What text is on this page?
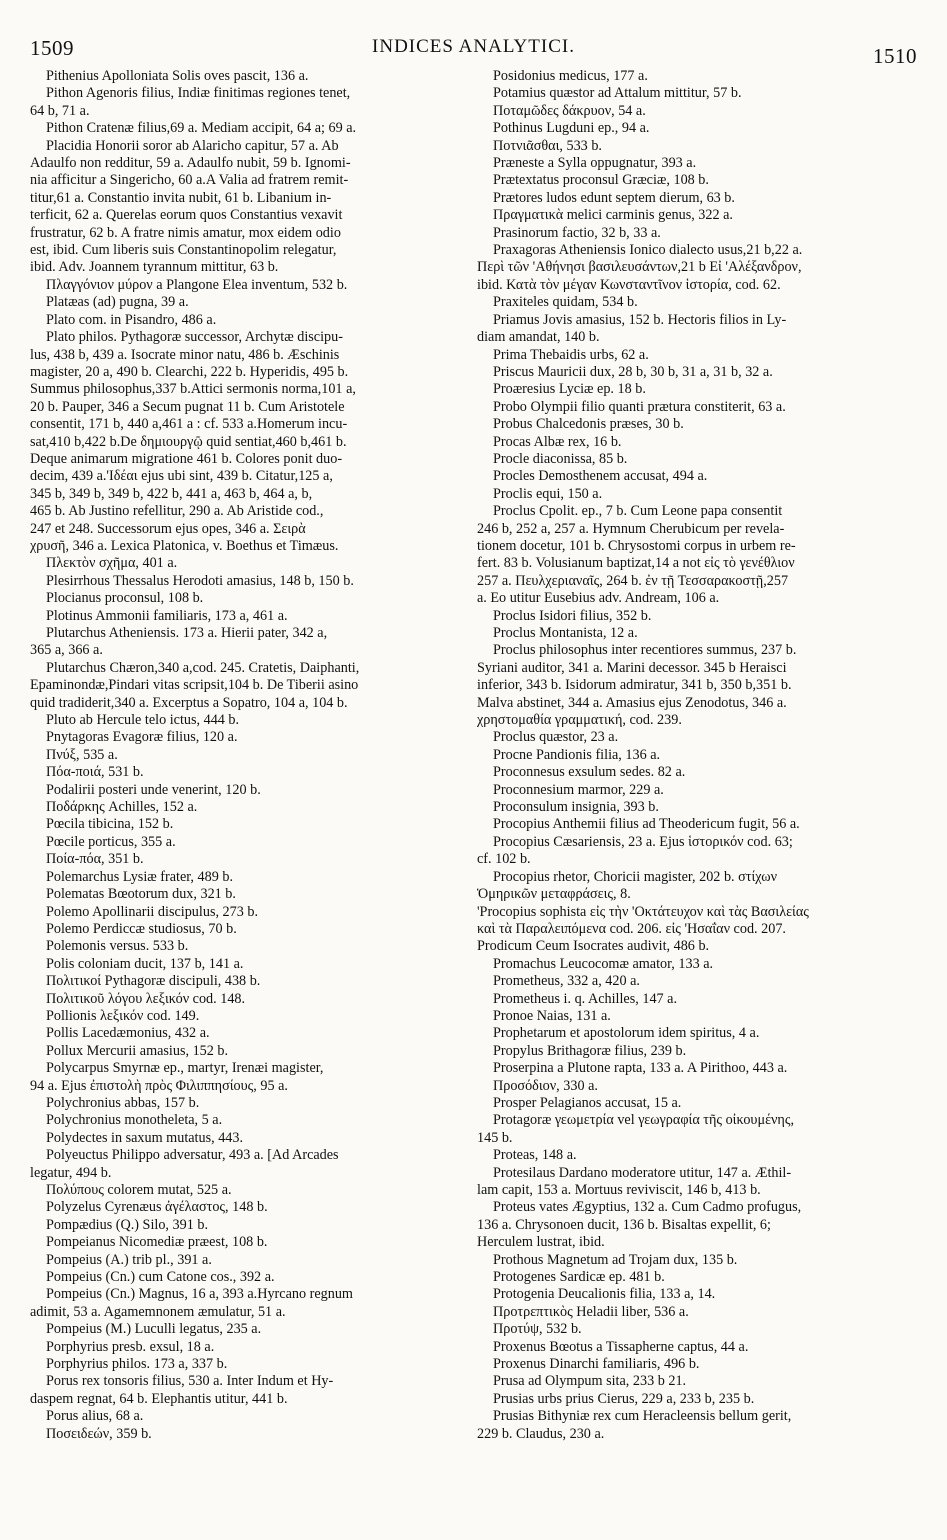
1509	INDICES ANALYTICI.	1510
Pithenius Apolloniata Solis oves pascit, 136 a.
Pithon Agenoris filius, Indiæ finitimas regiones tenet,
64 b, 71 a.
Pithon Cratenæ filius,69 a. Mediam accipit, 64 a; 69 a.
Placidia Honorii soror ab Alaricho capitur, 57 a. Ab
Adaulfo non redditur, 59 a. Adaulfo nubit, 59 b. Ignomi-
nia afficitur a Singericho, 60 a.A Valia ad fratrem remit-
titur,61 a. Constantio invita nubit, 61 b. Libanium in-
terficit, 62 a. Querelas eorum quos Constantius vexavit
frustratur, 62 b. A fratre nimis amatur, mox eidem odio
est, ibid. Cum liberis suis Constantinopolim relegatur,
ibid. Adv. Joannem tyrannum mittitur, 63 b.
Πλαγγόνιον μύρον a Plangone Elea inventum, 532 b.
Platæas (ad) pugna, 39 a.
Plato com. in Pisandro, 486 a.
Plato philos. Pythagoræ successor, Archytæ discipu-
lus, 438 b, 439 a. Isocrate minor natu, 486 b. Æschinis
magister, 20 a, 490 b. Clearchi, 222 b. Hyperidis, 495 b.
Summus philosophus,337 b.Attici sermonis norma,101 a,
20 b. Pauper, 346 a Secum pugnat 11 b. Cum Aristotele
consentit, 171 b, 440 a,461 a : cf. 533 a.Homerum incu-
sat,410 b,422 b.De δημιουργῷ quid sentiat,460 b,461 b.
Deque animarum migratione 461 b. Colores ponit duo-
decim, 439 a.'Ιδέαι ejus ubi sint, 439 b. Citatur,125 a,
345 b, 349 b, 349 b, 422 b, 441 a, 463 b, 464 a, b,
465 b. Ab Justino refellitur, 290 a. Ab Aristide cod.,
247 et 248. Successorum ejus opes, 346 a. Σειρὰ
χρυσῆ, 346 a. Lexica Platonica, v. Boethus et Timæus.
Πλεκτὸν σχῆμα, 401 a.
Plesirrhous Thessalus Herodoti amasius, 148 b, 150 b.
Plocianus proconsul, 108 b.
Plotinus Ammonii familiaris, 173 a, 461 a.
Plutarchus Atheniensis. 173 a. Hierii pater, 342 a,
365 a, 366 a.
Plutarchus Chæron,340 a,cod. 245. Cratetis, Daiphanti,
Epaminondæ,Pindari vitas scripsit,104 b. De Tiberii asino
quid tradiderit,340 a. Excerptus a Sopatro, 104 a, 104 b.
Pluto ab Hercule telo ictus, 444 b.
Pnytagoras Evagoræ filius, 120 a.
Πνύξ, 535 a.
Πόα-ποιά, 531 b.
Podalirii posteri unde venerint, 120 b.
Ποδάρκης Achilles, 152 a.
Pœcila tibicina, 152 b.
Pœcile porticus, 355 a.
Ποία-πόα, 351 b.
Polemarchus Lysiæ frater, 489 b.
Polematas Bœotorum dux, 321 b.
Polemo Apollinarii discipulus, 273 b.
Polemo Perdiccæ studiosus, 70 b.
Polemonis versus. 533 b.
Polis coloniam ducit, 137 b, 141 a.
Πολιτικοί Pythagoræ discipuli, 438 b.
Πολιτικοῦ λόγου λεξικόν cod. 148.
Pollionis λεξικόν cod. 149.
Pollis Lacedæmonius, 432 a.
Pollux Mercurii amasius, 152 b.
Polycarpus Smyrnæ ep., martyr, Irenæi magister,
94 a. Ejus ἐπιστολὴ πρὸς Φιλιππησίους, 95 a.
Polychronius abbas, 157 b.
Polychronius monotheleta, 5 a.
Polydectes in saxum mutatus, 443.
Polyeuctus Philippo adversatur, 493 a. [Ad Arcades
legatur, 494 b.
Πολύπους colorem mutat, 525 a.
Polyzelus Cyrenæus ἀγέλαστος, 148 b.
Pompædius (Q.) Silo, 391 b.
Pompeianus Nicomediæ præest, 108 b.
Pompeius (A.) trib pl., 391 a.
Pompeius (Cn.) cum Catone cos., 392 a.
Pompeius (Cn.) Magnus, 16 a, 393 a.Hyrcano regnum
adimit, 53 a. Agamemnonem æmulatur, 51 a.
Pompeius (M.) Luculli legatus, 235 a.
Porphyrius presb. exsul, 18 a.
Porphyrius philos. 173 a, 337 b.
Porus rex tonsoris filius, 530 a. Inter Indum et Hy-
daspem regnat, 64 b. Elephantis utitur, 441 b.
Porus alius, 68 a.
Ποσειδεών, 359 b.
Posidonius medicus, 177 a.
Potamius quæstor ad Attalum mittitur, 57 b.
Ποταμῶδες δάκρυον, 54 a.
Pothinus Lugduni ep., 94 a.
Ποτνιᾶσθαι, 533 b.
Præneste a Sylla oppugnatur, 393 a.
Prætextatus proconsul Græciæ, 108 b.
Prætores ludos edunt septem dierum, 63 b.
Πραγματικὰ melici carminis genus, 322 a.
Prasinorum factio, 32 b, 33 a.
Praxagoras Atheniensis Ionico dialecto usus,21 b,22 a.
Περὶ τῶν 'Αθήνησι βασιλευσάντων,21 b Εἰ 'Αλέξανδρον,
ibid. Κατὰ τὸν μέγαν Κωνσταντῖνον ἱστορία, cod. 62.
Praxiteles quidam, 534 b.
Priamus Jovis amasius, 152 b. Hectoris filios in Ly-
diam amandat, 140 b.
Prima Thebaidis urbs, 62 a.
Priscus Mauricii dux, 28 b, 30 b, 31 a, 31 b, 32 a.
Proæresius Lyciæ ep. 18 b.
Probo Olympii filio quanti prætura constiterit, 63 a.
Probus Chalcedonis præses, 30 b.
Procas Albæ rex, 16 b.
Procle diaconissa, 85 b.
Procles Demosthenem accusat, 494 a.
Proclis equi, 150 a.
Proclus Cpolit. ep., 7 b. Cum Leone papa consentit
246 b, 252 a, 257 a. Hymnum Cherubicum per revela-
tionem docetur, 101 b. Chrysostomi corpus in urbem re-
fert. 83 b. Volusianum baptizat,14 a not εἰς τὸ γενέθλιον
257 a. Πευλχεριαναῖς, 264 b. ἐν τῇ Τεσσαρακοστῇ,257
a. Eo utitur Eusebius adv. Andream, 106 a.
Proclus Isidori filius, 352 b.
Proclus Montanista, 12 a.
Proclus philosophus inter recentiores summus, 237 b.
Syriani auditor, 341 a. Marini decessor. 345 b Heraisci
inferior, 343 b. Isidorum admiratur, 341 b, 350 b,351 b.
Malva abstinet, 344 a. Amasius ejus Zenodotus, 346 a.
χρηστομαθία γραμματική, cod. 239.
Proclus quæstor, 23 a.
Procne Pandionis filia, 136 a.
Proconnesus exsulum sedes. 82 a.
Proconnesium marmor, 229 a.
Proconsulum insignia, 393 b.
Procopius Anthemii filius ad Theodericum fugit, 56 a.
Procopius Cæsariensis, 23 a. Ejus ἱστορικόν cod. 63;
cf. 102 b.
Procopius rhetor, Choricii magister, 202 b. στίχων
Ὁμηρικῶν μεταφράσεις, 8.
'Procopius sophista εἰς τὴν 'Οκτάτευχον καὶ τὰς Βασιλείας
καὶ τὰ Παραλειπόμενα cod. 206. εἰς 'Ησαΐαν cod. 207.
Prodicum Ceum Isocrates audivit, 486 b.
Promachus Leucocomæ amator, 133 a.
Prometheus, 332 a, 420 a.
Prometheus i. q. Achilles, 147 a.
Pronoe Naias, 131 a.
Prophetarum et apostolorum idem spiritus, 4 a.
Propylus Brithagoræ filius, 239 b.
Proserpina a Plutone rapta, 133 a. A Pirithoo, 443 a.
Προσόδιον, 330 a.
Prosper Pelagianos accusat, 15 a.
Protagoræ γεωμετρία vel γεωγραφία τῆς οἰκουμένης,
145 b.
Proteas, 148 a.
Protesilaus Dardano moderatore utitur, 147 a. Æthil-
lam capit, 153 a. Mortuus reviviscit, 146 b, 413 b.
Proteus vates Ægyptius, 132 a. Cum Cadmo profugus,
136 a. Chrysonoen ducit, 136 b. Bisaltas expellit, 6;
Herculem lustrat, ibid.
Prothous Magnetum ad Trojam dux, 135 b.
Protogenes Sardicæ ep. 481 b.
Protogenia Deucalionis filia, 133 a, 14.
Προτρεπτικὸς Heladii liber, 536 a.
Προτύψ, 532 b.
Proxenus Bœotus a Tissapherne captus, 44 a.
Proxenus Dinarchi familiaris, 496 b.
Prusa ad Olympum sita, 233 b 21.
Prusias urbs prius Cierus, 229 a, 233 b, 235 b.
Prusias Bithyniæ rex cum Heracleensis bellum gerit,
229 b. Claudus, 230 a.
